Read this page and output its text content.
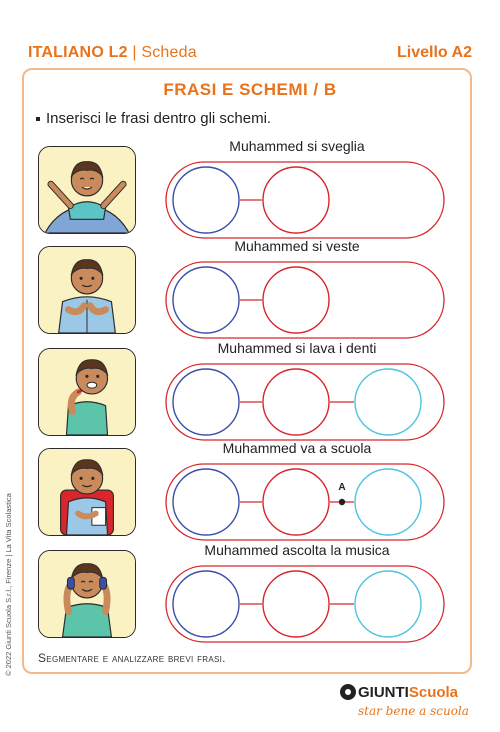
ITALIANO L2 | Scheda	Livello A2
FRASI E SCHEMI / B
Inserisci le frasi dentro gli schemi.
Muhammed si sveglia
Muhammed si veste
Muhammed si lava i denti
Muhammed va a scuola
A
Muhammed ascolta la musica
Segmentare e analizzare brevi frasi.
© 2022 Giunti Scuola S.r.l., Firenze | La Vita Scolastica
GIUNTIScuola
star bene a scuola
